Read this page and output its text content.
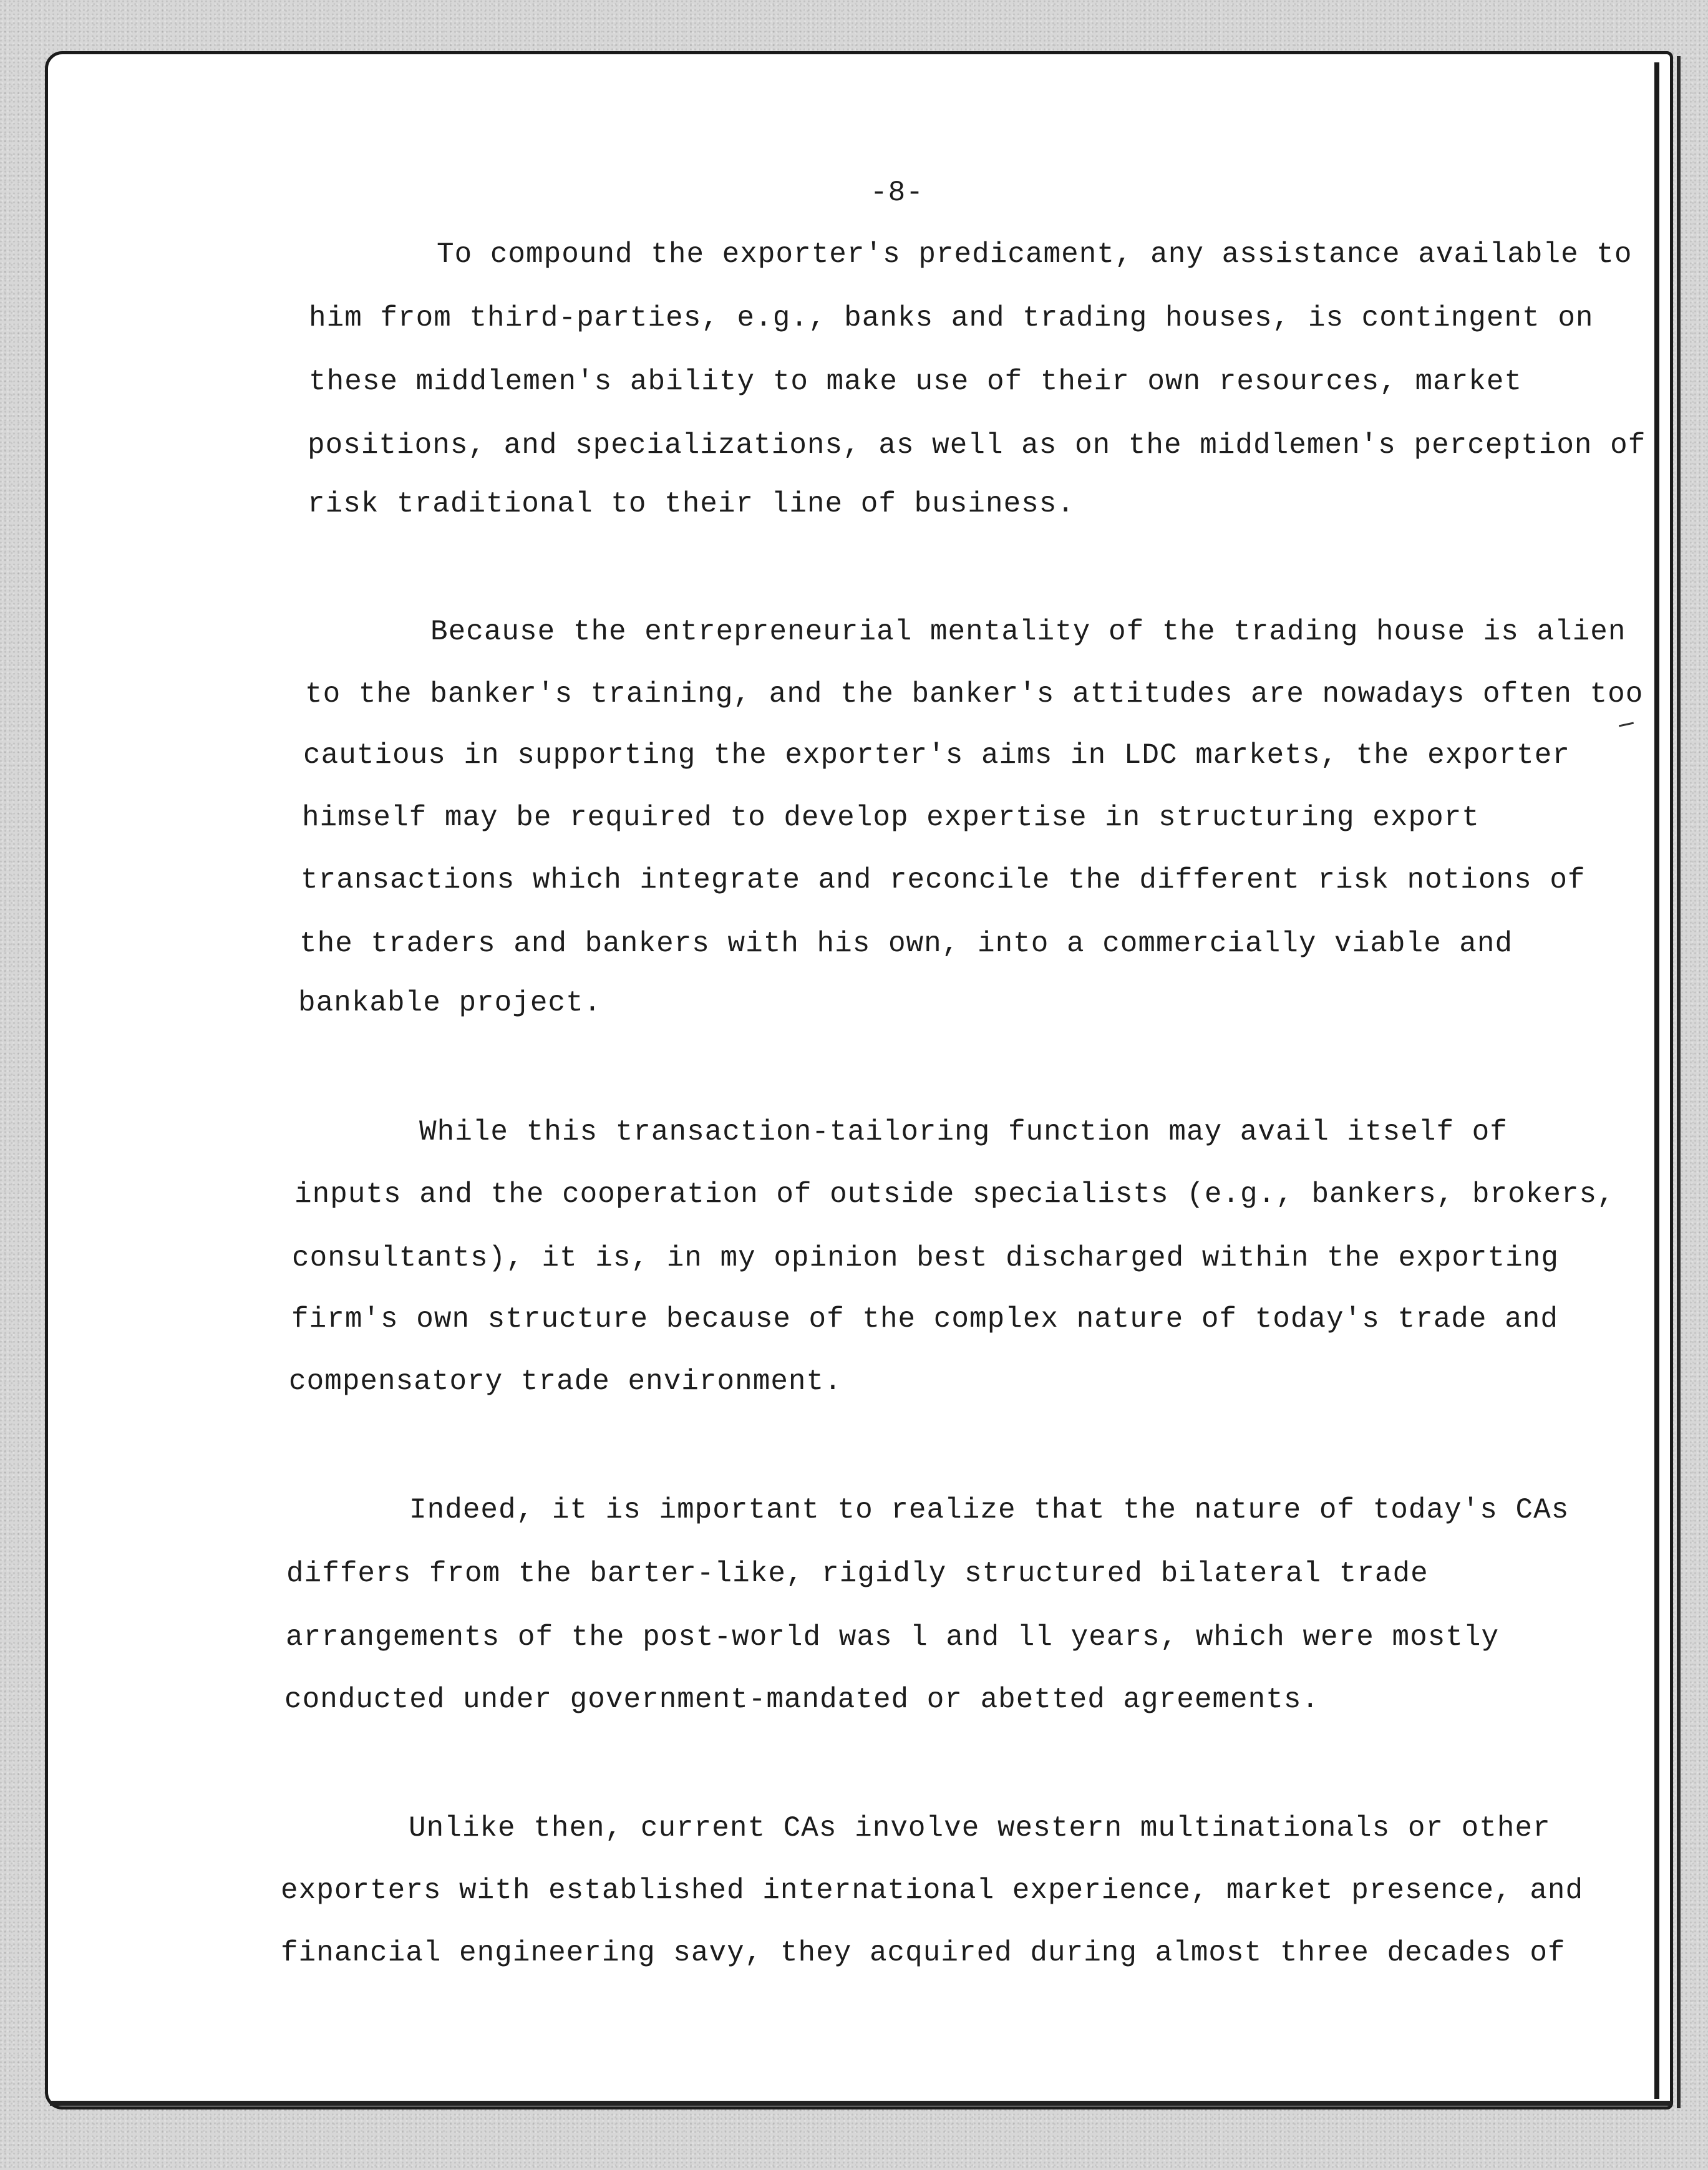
-8-
To compound the exporter's predicament, any assistance available to
him from third-parties, e.g., banks and trading houses, is contingent on
these middlemen's ability to make use of their own resources, market
positions, and specializations, as well as on the middlemen's perception of
risk traditional to their line of business.
Because the entrepreneurial mentality of the trading house is alien
to the banker's training, and the banker's attitudes are nowadays often too
cautious in supporting the exporter's aims in LDC markets, the exporter
himself may be required to develop expertise in structuring export
transactions which integrate and reconcile the different risk notions of
the traders and bankers with his own, into a commercially viable and
bankable project.
While this transaction-tailoring function may avail itself of
inputs and the cooperation of outside specialists (e.g., bankers, brokers,
consultants), it is, in my opinion best discharged within the exporting
firm's own structure because of the complex nature of today's trade and
compensatory trade environment.
Indeed, it is important to realize that the nature of today's CAs
differs from the barter-like, rigidly structured bilateral trade
arrangements of the post-world was l and ll years, which were mostly
conducted under government-mandated or abetted agreements.
Unlike then, current CAs involve western multinationals or other
exporters with established international experience, market presence, and
financial engineering savy, they acquired during almost three decades of
